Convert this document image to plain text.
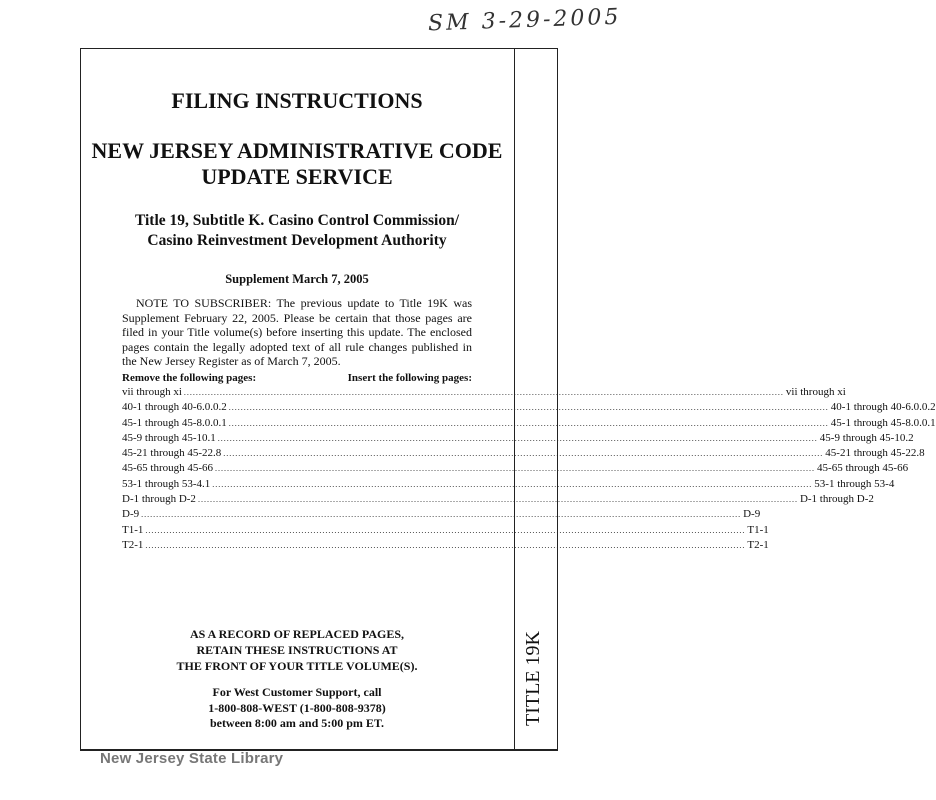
SM 3-29-2005
TITLE 19K
FILING INSTRUCTIONS
NEW JERSEY ADMINISTRATIVE CODE
UPDATE SERVICE
Title 19, Subtitle K. Casino Control Commission/
Casino Reinvestment Development Authority
Supplement March 7, 2005
NOTE TO SUBSCRIBER: The previous update to Title 19K was Supplement February 22, 2005. Please be certain that those pages are filed in your Title volume(s) before inserting this update. The enclosed pages contain the legally adopted text of all rule changes published in the New Jersey Register as of March 7, 2005.
Remove the following pages:	Insert the following pages:
vii through xi ........................................................................................................................................................................................................ vii through xi
40-1 through 40-6.0.0.2 ........................................................................................................................................................................................................ 40-1 through 40-6.0.0.2
45-1 through 45-8.0.0.1 ........................................................................................................................................................................................................ 45-1 through 45-8.0.0.1
45-9 through 45-10.1 ........................................................................................................................................................................................................ 45-9 through 45-10.2
45-21 through 45-22.8 ........................................................................................................................................................................................................ 45-21 through 45-22.8
45-65 through 45-66 ........................................................................................................................................................................................................ 45-65 through 45-66
53-1 through 53-4.1 ........................................................................................................................................................................................................ 53-1 through 53-4
D-1 through D-2 ........................................................................................................................................................................................................ D-1 through D-2
D-9 ........................................................................................................................................................................................................ D-9
T1-1 ........................................................................................................................................................................................................ T1-1
T2-1 ........................................................................................................................................................................................................ T2-1
AS A RECORD OF REPLACED PAGES,
RETAIN THESE INSTRUCTIONS AT
THE FRONT OF YOUR TITLE VOLUME(S).
For West Customer Support, call
1-800-808-WEST (1-800-808-9378)
between 8:00 am and 5:00 pm ET.
New Jersey State Library
